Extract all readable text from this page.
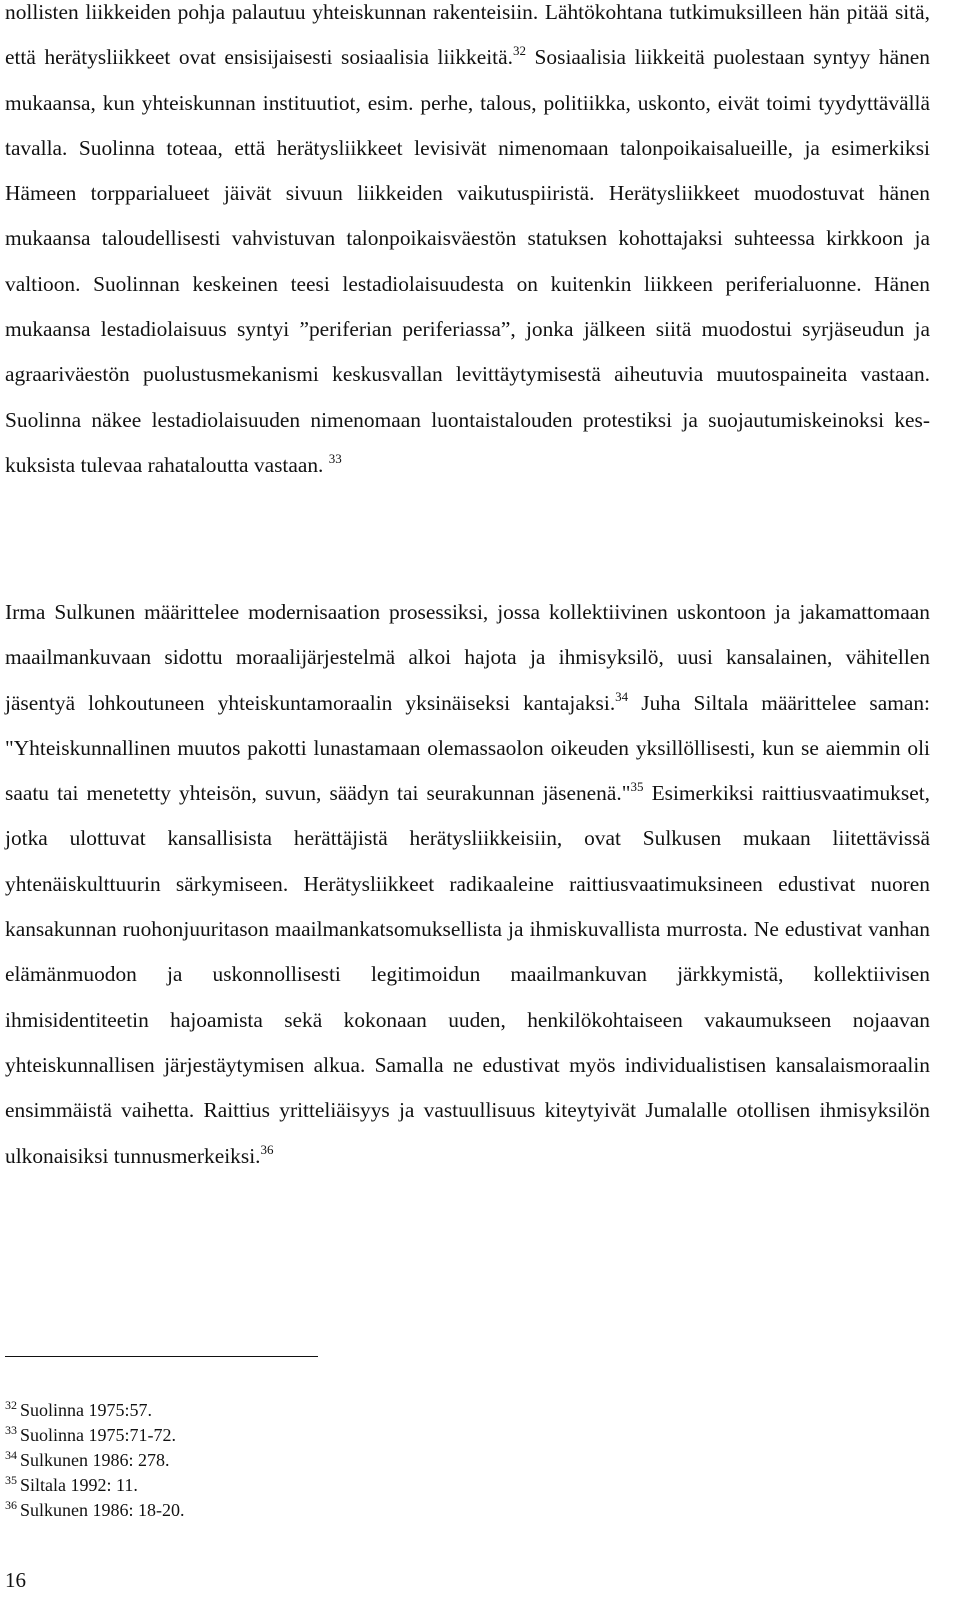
nollisten liikkeiden pohja palautuu yhteiskunnan rakenteisiin. Lähtökohtana tutkimuksilleen hän pitää sitä, että herätysliikkeet ovat ensisijaisesti sosiaalisia liikkeitä.$^{32}$ Sosiaalisia liikkeitä puolestaan syntyy hänen mukaansa, kun yhteiskunnan instituutiot, esim. perhe, talous, politiikka, uskonto, eivät toimi tyydyttävällä tavalla. Suolinna toteaa, että herätysliikkeet levisivät nimenomaan talonpoikaisalueille, ja esimerkiksi Hämeen torpparialueet jäivät sivuun liikkeiden vaikutuspiiristä. Herätysliikkeet muodostuvat hänen mukaansa taloudellisesti vahvistuvan talonpoikaisväestön statuksen kohottajaksi suhteessa kirkkoon ja valtioon. Suolinnan keskeinen teesi lestadiolaisuudesta on kuitenkin liikkeen periferialuonne. Hänen mukaansa lestadiolaisuus syntyi ”periferian periferiassa”, jonka jälkeen siitä muodostui syrjäseudun ja agraariväestön puolustusmekanismi keskusvallan levittäytymisestä aiheutuvia muutospaineita vastaan. Suolinna näkee lestadiolaisuuden nimenomaan luontaistalouden protestiksi ja suojautumiskeinoksi keskuksista tulevaa rahataloutta vastaan. $^{33}$

Irma Sulkunen määrittelee modernisaation prosessiksi, jossa kollektiivinen uskontoon ja jakamattomaan maailmankuvaan sidottu moraalijärjestelmä alkoi hajota ja ihmisyksilö, uusi kansalainen, vähitellen jäsentyä lohkoutuneen yhteiskuntamoraalin yksinäiseksi kantajaksi.$^{34}$ Juha Siltala määrittelee saman: "Yhteiskunnallinen muutos pakotti lunastamaan olemassaolon oikeuden yksillöllisesti, kun se aiemmin oli saatu tai menetetty yhteisön, suvun, säädyn tai seurakunnan jäsenenä."$^{35}$ Esimerkiksi raittiusvaatimukset, jotka ulottuvat kansallisista herättäjistä herätysliikkeisiin, ovat Sulkusen mukaan liitettävissä yhtenäiskulttuurin särkymiseen. Herätysliikkeet radikaaleine raittiusvaatimuksineen edustivat nuoren kansakunnan ruohonjuuritason maailmankatsomuksellista ja ihmiskuvallista murrosta. Ne edustivat vanhan elämänmuodon ja uskonnollisesti legitimoidun maailmankuvan järkkymistä, kollektiivisen ihmisidentiteetin hajoamista sekä kokonaan uuden, henkilökohtaiseen vakaumukseen nojaavan yhteiskunnallisen järjestäytymisen alkua. Samalla ne edustivat myös individualistisen kansalaismoraalin ensimmäistä vaihetta. Raittius yritteliäisyys ja vastuullisuus kiteytyivät Jumalalle otollisen ihmisyksilön ulkonaisiksi tunnusmerkeiksi.$^{36}$

$^{32}$ Suolinna 1975:57.
$^{33}$ Suolinna 1975:71-72.
$^{34}$ Sulkunen 1986: 278.
$^{35}$ Siltala 1992: 11.
$^{36}$ Sulkunen 1986: 18-20.
16
